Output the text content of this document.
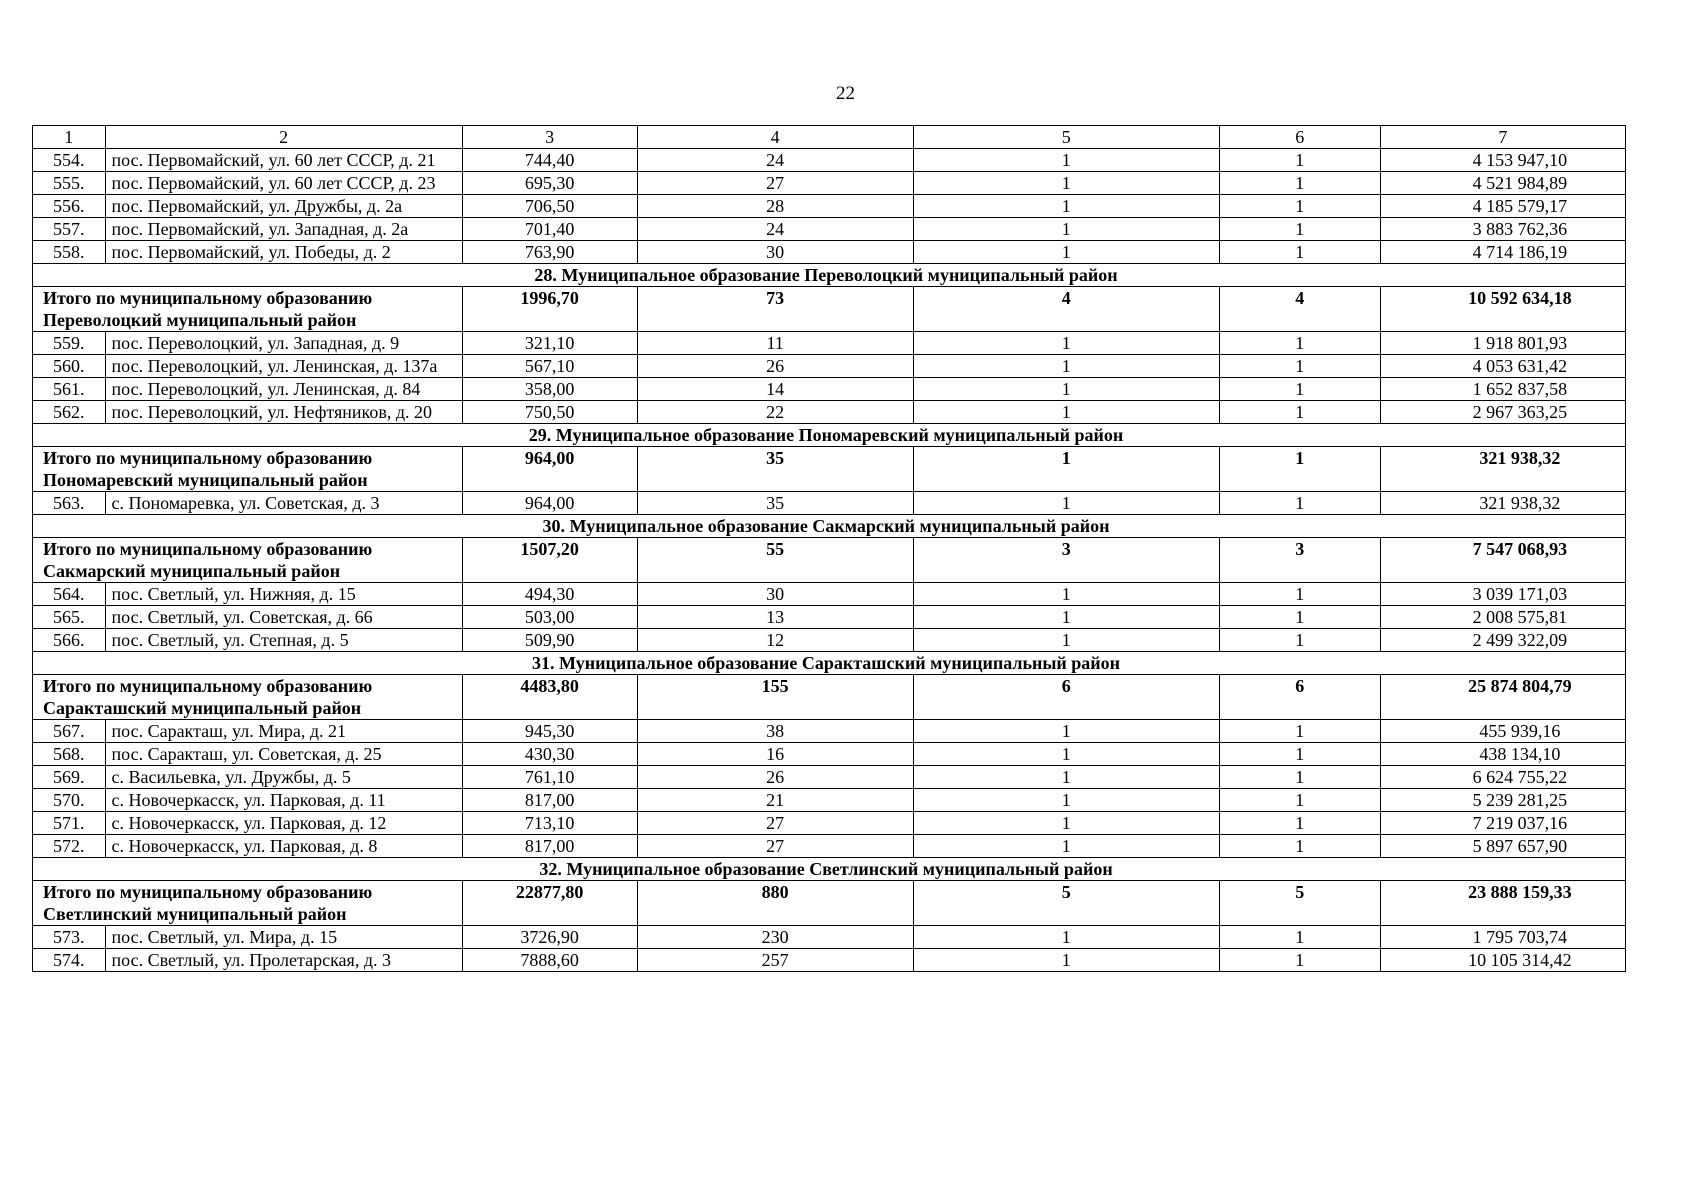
22
1	2	3	4	5	6	7
554.	пос. Первомайский, ул. 60 лет СССР, д. 21	744,40	24	1	1	4 153 947,10
555.	пос. Первомайский, ул. 60 лет СССР, д. 23	695,30	27	1	1	4 521 984,89
556.	пос. Первомайский, ул. Дружбы, д. 2а	706,50	28	1	1	4 185 579,17
557.	пос. Первомайский, ул. Западная, д. 2а	701,40	24	1	1	3 883 762,36
558.	пос. Первомайский, ул. Победы, д. 2	763,90	30	1	1	4 714 186,19
28. Муниципальное образование Переволоцкий муниципальный район						
Итого по муниципальному образованию Переволоцкий муниципальный район		1996,70	73	4	4	10 592 634,18
559.	пос. Переволоцкий, ул. Западная, д. 9	321,10	11	1	1	1 918 801,93
560.	пос. Переволоцкий, ул. Ленинская, д. 137а	567,10	26	1	1	4 053 631,42
561.	пос. Переволоцкий, ул. Ленинская, д. 84	358,00	14	1	1	1 652 837,58
562.	пос. Переволоцкий, ул. Нефтяников, д. 20	750,50	22	1	1	2 967 363,25
29. Муниципальное образование Пономаревский муниципальный район						
Итого по муниципальному образованию Пономаревский муниципальный район		964,00	35	1	1	321 938,32
563.	с. Пономаревка, ул. Советская, д. 3	964,00	35	1	1	321 938,32
30. Муниципальное образование Сакмарский муниципальный район						
Итого по муниципальному образованию Сакмарский муниципальный район		1507,20	55	3	3	7 547 068,93
564.	пос. Светлый, ул. Нижняя, д. 15	494,30	30	1	1	3 039 171,03
565.	пос. Светлый, ул. Советская, д. 66	503,00	13	1	1	2 008 575,81
566.	пос. Светлый, ул. Степная, д. 5	509,90	12	1	1	2 499 322,09
31. Муниципальное образование Саракташский муниципальный район						
Итого по муниципальному образованию Саракташский муниципальный район		4483,80	155	6	6	25 874 804,79
567.	пос. Саракташ, ул. Мира, д. 21	945,30	38	1	1	455 939,16
568.	пос. Саракташ, ул. Советская, д. 25	430,30	16	1	1	438 134,10
569.	с. Васильевка, ул. Дружбы, д. 5	761,10	26	1	1	6 624 755,22
570.	с. Новочеркасск, ул. Парковая, д. 11	817,00	21	1	1	5 239 281,25
571.	с. Новочеркасск, ул. Парковая, д. 12	713,10	27	1	1	7 219 037,16
572.	с. Новочеркасск, ул. Парковая, д. 8	817,00	27	1	1	5 897 657,90
32. Муниципальное образование Светлинский муниципальный район						
Итого по муниципальному образованию Светлинский муниципальный район		22877,80	880	5	5	23 888 159,33
573.	пос. Светлый, ул. Мира, д. 15	3726,90	230	1	1	1 795 703,74
574.	пос. Светлый, ул. Пролетарская, д. 3	7888,60	257	1	1	10 105 314,42
